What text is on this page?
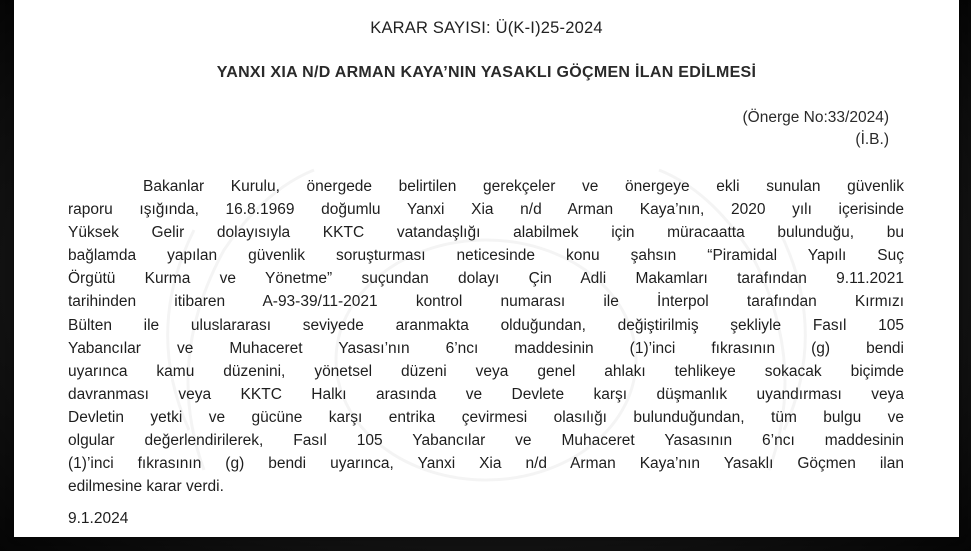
KARAR SAYISI: Ü(K-I)25-2024
YANXI XIA N/D ARMAN KAYA’NIN YASAKLI GÖÇMEN İLAN EDİLMESİ
(Önerge No:33/2024)
(İ.B.)
Bakanlar Kurulu, önergede belirtilen gerekçeler ve önergeye ekli sunulan güvenlik
raporu ışığında, 16.8.1969 doğumlu Yanxi Xia n/d Arman Kaya’nın, 2020 yılı içerisinde
Yüksek Gelir dolayısıyla KKTC vatandaşlığı alabilmek için müracaatta bulunduğu, bu
bağlamda yapılan güvenlik soruşturması neticesinde konu şahsın “Piramidal Yapılı Suç
Örgütü Kurma ve Yönetme” suçundan dolayı Çin Adli Makamları tarafından 9.11.2021
tarihinden itibaren A-93-39/11-2021 kontrol numarası ile İnterpol tarafından Kırmızı
Bülten ile uluslararası seviyede aranmakta olduğundan, değiştirilmiş şekliyle Fasıl 105
Yabancılar ve Muhaceret Yasası’nın 6’ncı maddesinin (1)’inci fıkrasının (g) bendi
uyarınca kamu düzenini, yönetsel düzeni veya genel ahlakı tehlikeye sokacak biçimde
davranması veya KKTC Halkı arasında ve Devlete karşı düşmanlık uyandırması veya
Devletin yetki ve gücüne karşı entrika çevirmesi olasılığı bulunduğundan, tüm bulgu ve
olgular değerlendirilerek, Fasıl 105 Yabancılar ve Muhaceret Yasasının 6’ncı maddesinin
(1)’inci fıkrasının (g) bendi uyarınca, Yanxi Xia n/d Arman Kaya’nın Yasaklı Göçmen ilan
edilmesine karar verdi.
9.1.2024
